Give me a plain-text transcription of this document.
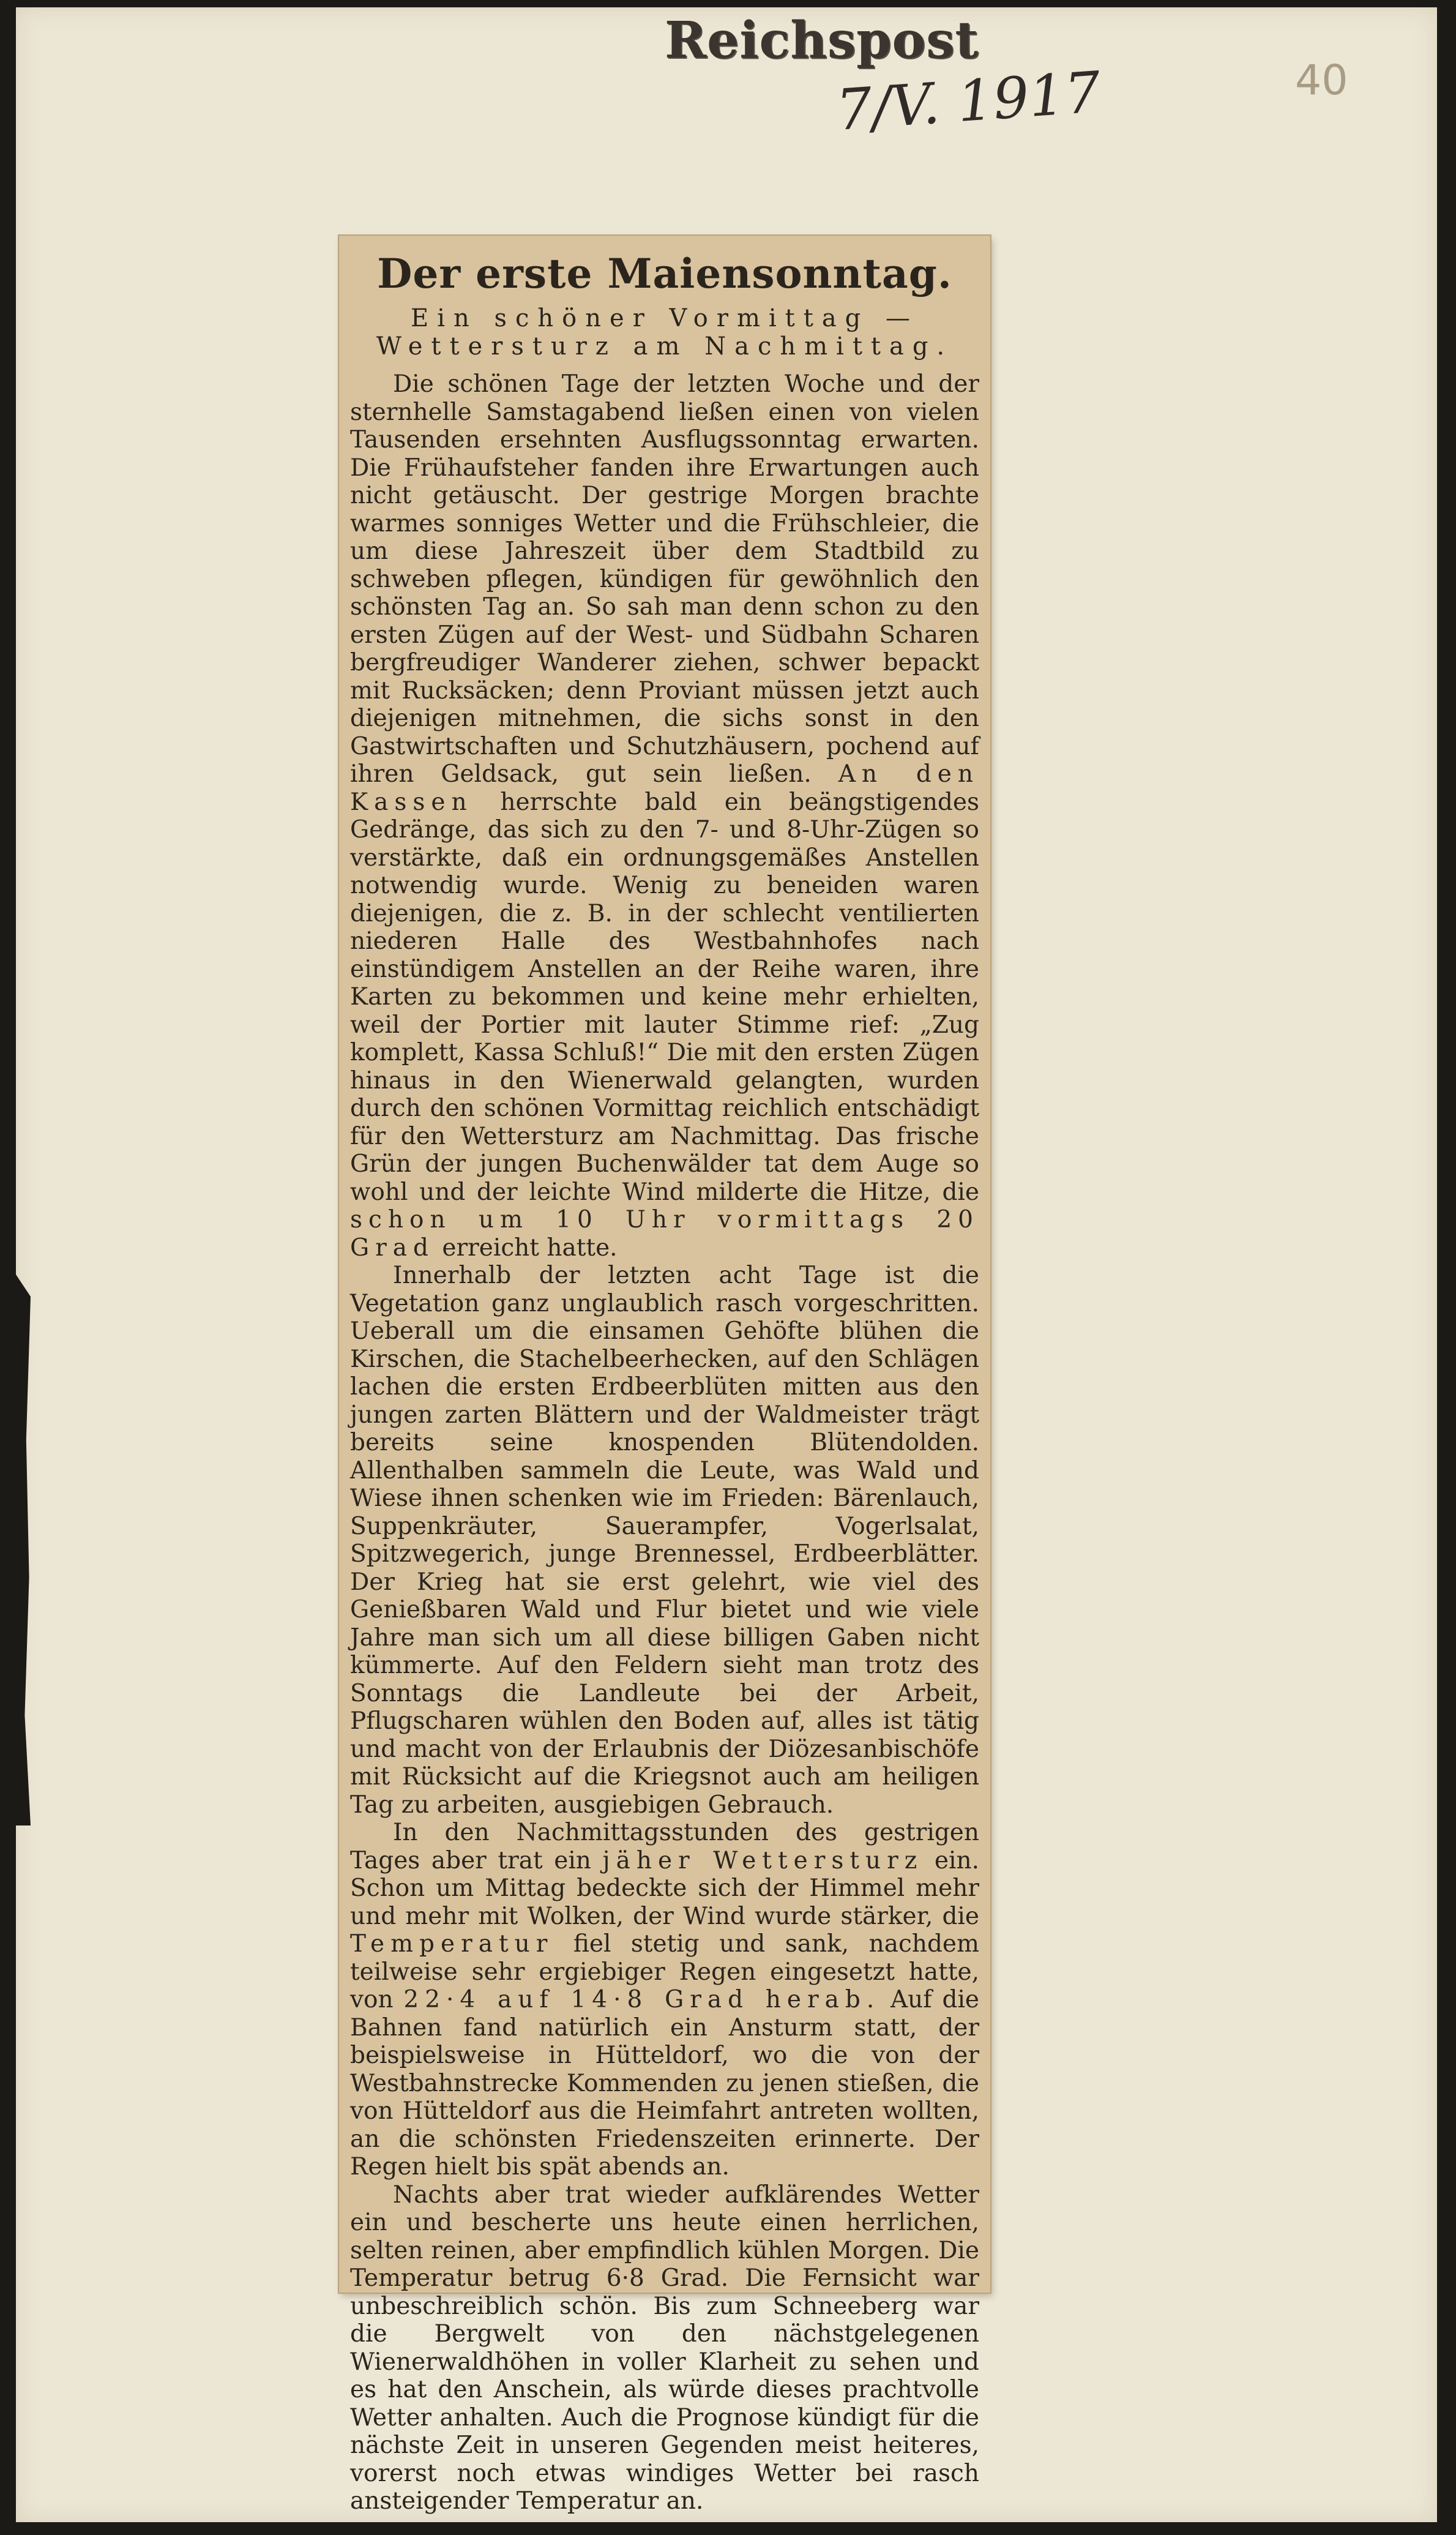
Reichspost
7/V. 1917	40
Der erste Maiensonntag.
Ein schöner Vormittag — Wettersturz am Nachmittag.

Die schönen Tage der letzten Woche und der sternhelle Samstagabend ließen einen von vielen Tausenden ersehnten Ausflugssonntag erwarten. Die Frühaufsteher fanden ihre Erwartungen auch nicht getäuscht. Der gestrige Morgen brachte warmes sonniges Wetter und die Frühschleier, die um diese Jahreszeit über dem Stadtbild zu schweben pflegen, kündigen für gewöhnlich den schönsten Tag an. So sah man denn schon zu den ersten Zügen auf der West- und Südbahn Scharen bergfreudiger Wanderer ziehen, schwer bepackt mit Rucksäcken; denn Proviant müssen jetzt auch diejenigen mitnehmen, die sichs sonst in den Gastwirtschaften und Schutzhäusern, pochend auf ihren Geldsack, gut sein ließen. An den Kassen herrschte bald ein beängstigendes Gedränge, das sich zu den 7- und 8-Uhr-Zügen so verstärkte, daß ein ordnungsgemäßes Anstellen notwendig wurde. Wenig zu beneiden waren diejenigen, die z. B. in der schlecht ventilierten niederen Halle des Westbahnhofes nach einstündigem Anstellen an der Reihe waren, ihre Karten zu bekommen und keine mehr erhielten, weil der Portier mit lauter Stimme rief: „Zug komplett, Kassa Schluß!“ Die mit den ersten Zügen hinaus in den Wienerwald gelangten, wurden durch den schönen Vormittag reichlich entschädigt für den Wettersturz am Nachmittag. Das frische Grün der jungen Buchenwälder tat dem Auge so wohl und der leichte Wind milderte die Hitze, die schon um 10 Uhr vormittags 20 Grad erreicht hatte.

Innerhalb der letzten acht Tage ist die Vegetation ganz unglaublich rasch vorgeschritten. Ueberall um die einsamen Gehöfte blühen die Kirschen, die Stachelbeerhecken, auf den Schlägen lachen die ersten Erdbeerblüten mitten aus den jungen zarten Blättern und der Waldmeister trägt bereits seine knospenden Blütendolden. Allenthalben sammeln die Leute, was Wald und Wiese ihnen schenken wie im Frieden: Bärenlauch, Suppenkräuter, Sauerampfer, Vogerlsalat, Spitzwegerich, junge Brennessel, Erdbeerblätter. Der Krieg hat sie erst gelehrt, wie viel des Genießbaren Wald und Flur bietet und wie viele Jahre man sich um all diese billigen Gaben nicht kümmerte. Auf den Feldern sieht man trotz des Sonntags die Landleute bei der Arbeit, Pflugscharen wühlen den Boden auf, alles ist tätig und macht von der Erlaubnis der Diözesanbischöfe mit Rücksicht auf die Kriegsnot auch am heiligen Tag zu arbeiten, ausgiebigen Gebrauch.

In den Nachmittagsstunden des gestrigen Tages aber trat ein jäher Wettersturz ein. Schon um Mittag bedeckte sich der Himmel mehr und mehr mit Wolken, der Wind wurde stärker, die Temperatur fiel stetig und sank, nachdem teilweise sehr ergiebiger Regen eingesetzt hatte, von 22·4 auf 14·8 Grad herab. Auf die Bahnen fand natürlich ein Ansturm statt, der beispielsweise in Hütteldorf, wo die von der Westbahnstrecke Kommenden zu jenen stießen, die von Hütteldorf aus die Heimfahrt antreten wollten, an die schönsten Friedenszeiten erinnerte. Der Regen hielt bis spät abends an.

Nachts aber trat wieder aufklärendes Wetter ein und bescherte uns heute einen herrlichen, selten reinen, aber empfindlich kühlen Morgen. Die Temperatur betrug 6·8 Grad. Die Fernsicht war unbeschreiblich schön. Bis zum Schneeberg war die Bergwelt von den nächstgelegenen Wienerwaldhöhen in voller Klarheit zu sehen und es hat den Anschein, als würde dieses prachtvolle Wetter anhalten. Auch die Prognose kündigt für die nächste Zeit in unseren Gegenden meist heiteres, vorerst noch etwas windiges Wetter bei rasch ansteigender Temperatur an.
